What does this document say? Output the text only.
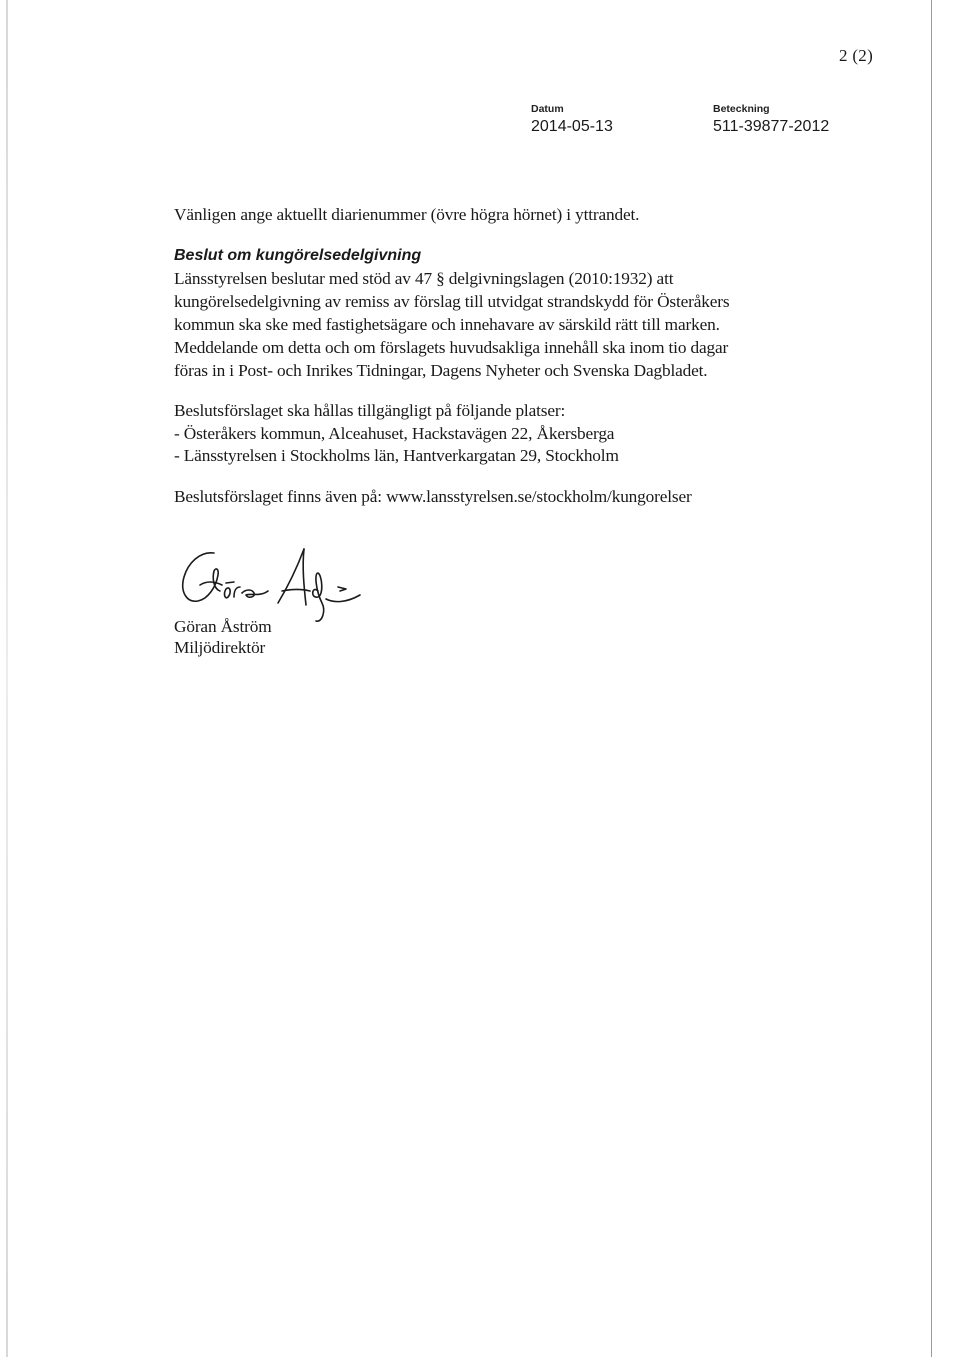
2 (2)
Datum
2014-05-13
Beteckning
511-39877-2012
Vänligen ange aktuellt diarienummer (övre högra hörnet) i yttrandet.
Beslut om kungörelsedelgivning
Länsstyrelsen beslutar med stöd av 47 § delgivningslagen (2010:1932) att
kungörelsedelgivning av remiss av förslag till utvidgat strandskydd för Österåkers
kommun ska ske med fastighetsägare och innehavare av särskild rätt till marken.
Meddelande om detta och om förslagets huvudsakliga innehåll ska inom tio dagar
föras in i Post- och Inrikes Tidningar, Dagens Nyheter och Svenska Dagbladet.
Beslutsförslaget ska hållas tillgängligt på följande platser:
- Österåkers kommun, Alceahuset, Hackstavägen 22, Åkersberga
- Länsstyrelsen i Stockholms län, Hantverkargatan 29, Stockholm
Beslutsförslaget finns även på: www.lansstyrelsen.se/stockholm/kungorelser
Göran Åström
Miljödirektör
